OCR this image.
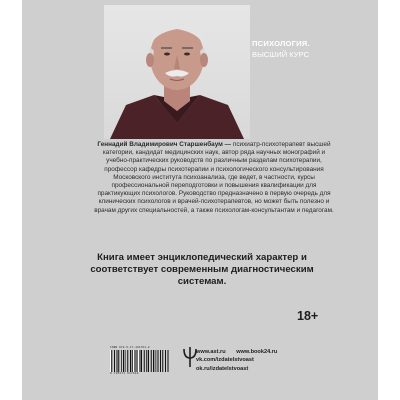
ПСИХОЛОГИЯ.
ВЫСШИЙ КУРС
Геннадий Владимирович Старшенбаум — психиатр-психотерапевт высшей категории, кандидат медицинских наук, автор ряда научных монографий и учебно-практических руководств по различным разделам психотерапии, профессор кафедры психотерапии и психологического консультирования Московского института психоанализа, где ведет, в частности, курсы профессиональной переподготовки и повышения квалификации для практикующих психологов. Руководство предназначено в первую очередь для клинических психологов и врачей-психотерапевтов, но может быть полезно и врачам других специальностей, а также психологам-консультантам и педагогам.
Книга имеет энциклопедический характер и соответствует современным диагностическим системам.
18+
ISBN 978-5-17-161761-8
9 785171 617618
www.ast.ru www.book24.ru
vk.com/izdatelstvoast
ok.ru/izdatelstvoast
